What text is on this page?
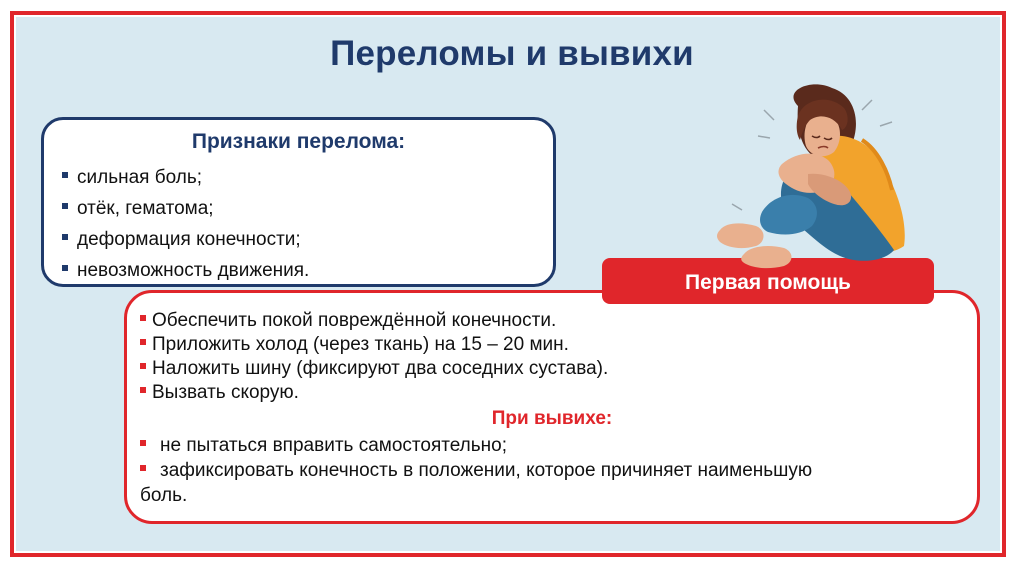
Переломы и вывихи
Признаки перелома:
сильная боль;
отёк, гематома;
деформация конечности;
невозможность движения.
Первая помощь
Обеспечить покой повреждённой конечности.
Приложить холод (через ткань) на 15 – 20 мин.
Наложить шину (фиксируют два соседних сустава).
Вызвать скорую.
При вывихе:
не пытаться вправить самостоятельно;
зафиксировать конечность в положении, которое причиняет наименьшую боль.
